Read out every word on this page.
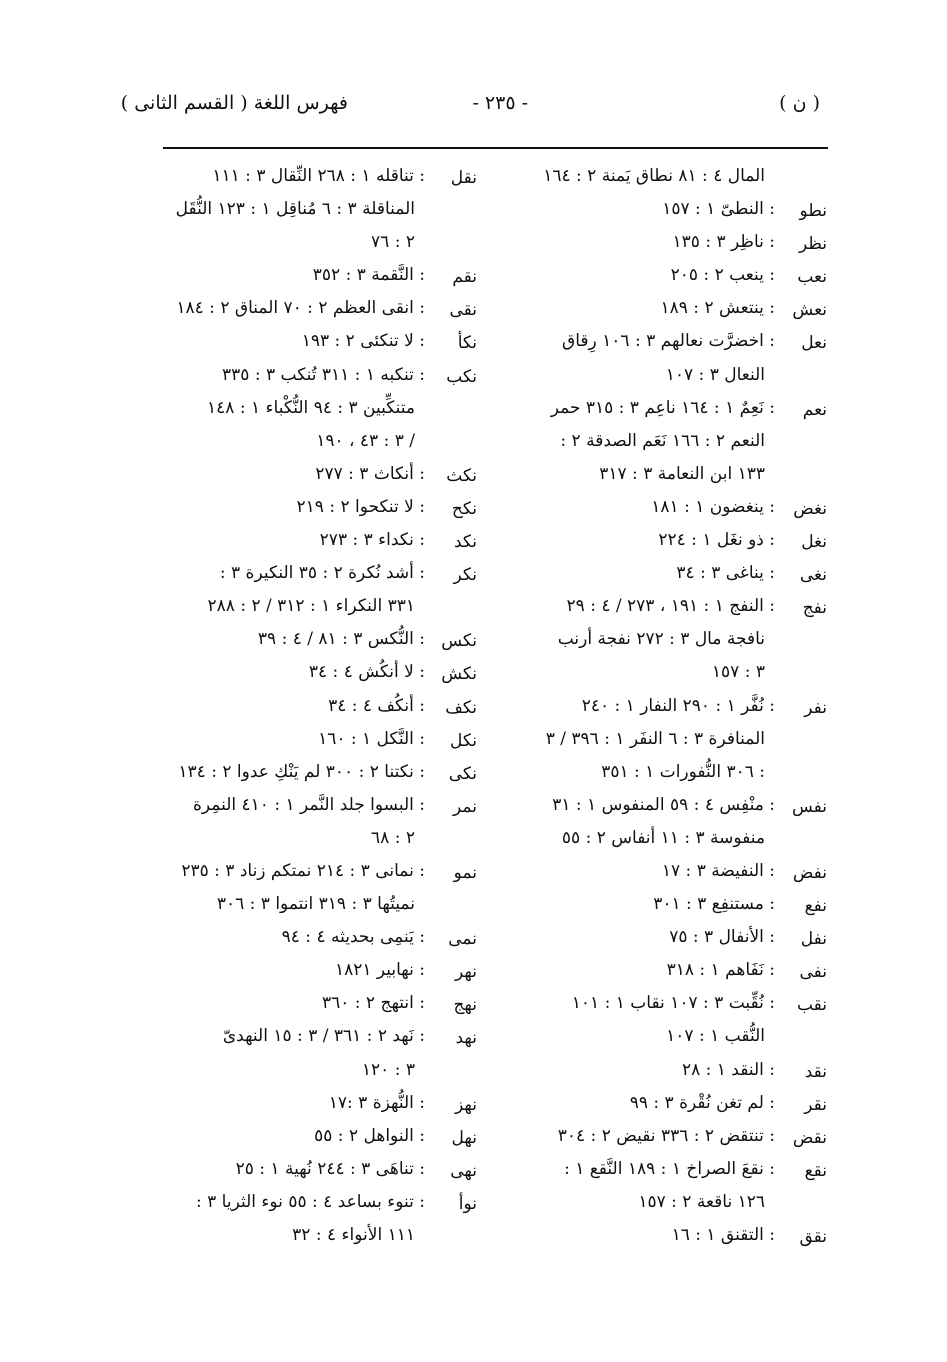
( ن )
- ٢٣٥ -
فهرس اللغة ( القسم الثانى )
المال ٤ : ٨١ نطاق يَمنة ٢ : ١٦٤
نطو
: النطىّ ١ : ١٥٧
نظر
: ناظِر ٣ : ١٣٥
نعب
: ينعب ٢ : ٢٠٥
نعش
: ينتعش ٢ : ١٨٩
نعل
: اخضرَّت نعالهم ٣ : ١٠٦ رِقاق
النعال ٣ : ١٠٧
نعم
: نَعِمٌ ١ : ١٦٤ ناعِم ٣ : ٣١٥ حمر
النعم ٢ : ١٦٦ نَعَم الصدقة ٢ :
١٣٣ ابن النعامة ٣ : ٣١٧
نغض
: ينغضون ١ : ١٨١
نغل
: ذو نغَل ١ : ٢٢٤
نغى
: يناغى ٣ : ٣٤
نفج
: النفج ١ : ١٩١ ، ٢٧٣ / ٤ : ٢٩
نافجة مال ٣ : ٢٧٢ نفجة أرنب
٣ : ١٥٧
نفر
: نُفَّر ١ : ٢٩٠ النفار ١ : ٢٤٠
المنافرة ٣ : ٦ النفَر ١ : ٣٩٦ / ٣
: ٣٠٦ النُّفورات ١ : ٣٥١
نفس
: منْفِس ٤ : ٥٩ المنفوس ١ : ٣١
منفوسة ٣ : ١١ أنفاس ٢ : ٥٥
نفض
: النفيضة ٣ : ١٧
نفع
: مستنفِع ٣ : ٣٠١
نفل
: الأنفال ٣ : ٧٥
نفى
: نَفَاهم ١ : ٣١٨
نقب
: نُقِّبت ٣ : ١٠٧ نقاب ١ : ١٠١
النُّقب ١ : ١٠٧
نقد
: النقد ١ : ٢٨
نقر
: لم تغن نُقْرة ٣ : ٩٩
نقض
: تنتقض ٢ : ٣٣٦ نقيض ٢ : ٣٠٤
نقع
: نقعَ الصراخ ١ : ١٨٩ النَّقع ١ :
١٢٦ ناقعة ٢ : ١٥٧
نقق
: التقنق ١ : ١٦
نقل
: تناقله ١ : ٢٦٨ النِّقال ٣ : ١١١
المناقلة ٣ : ٦ مُناقِل ١ : ١٢٣ النُّقَل
٢ : ٧٦
نقم
: النَّقمة ٣ : ٣٥٢
نقى
: انقى العظم ٢ : ٧٠ المناق ٢ : ١٨٤
نكأ
: لا تنكئى ٢ : ١٩٣
نكب
: تنكبه ١ : ٣١١ تُنكب ٣ : ٣٣٥
متنكِّبين ٣ : ٩٤ النُّكْباء ١ : ١٤٨
/ ٣ : ٤٣ ، ١٩٠
نكث
: أنكاث ٣ : ٢٧٧
نكح
: لا تنكحوا ٢ : ٢١٩
نكد
: نكداء ٣ : ٢٧٣
نكر
: أشد نُكرة ٢ : ٣٥ النكيرة ٣ :
٣٣١ النكراء ١ : ٣١٢ / ٢ : ٢٨٨
نكس
: النُّكس ٣ : ٨١ / ٤ : ٣٩
نكش
: لا أنكُش ٤ : ٣٤
نكف
: أنكُف ٤ : ٣٤
نكل
: النَّكل ١ : ١٦٠
نكى
: نكتنا ٢ : ٣٠٠ لم يَنْكِ عدوا ٢ : ١٣٤
نمر
: البسوا جلد النَّمر ١ : ٤١٠ النمِرة
٢ : ٦٨
نمو
: نمانى ٣ : ٢١٤ نمتكم زناد ٣ : ٢٣٥
نميتُها ٣ : ٣١٩ انتموا ٣ : ٣٠٦
نمى
: يَنمِى بحديثه ٤ : ٩٤
نهر
: نهابير ١٨٢١
نهج
: انتهج ٢ : ٣٦٠
نهد
: نَهد ٢ : ٣٦١ / ٣ : ١٥ النهدىّ
٣ : ١٢٠
نهز
: النُّهزة ٣ :١٧
نهل
: النواهل ٢ : ٥٥
نهى
: تناهَى ٣ : ٢٤٤ نُهية ١ : ٢٥
نوأ
: تنوء بساعد ٤ : ٥٥ نوء الثريا ٣ :
١١١ الأنواء ٤ : ٣٢
